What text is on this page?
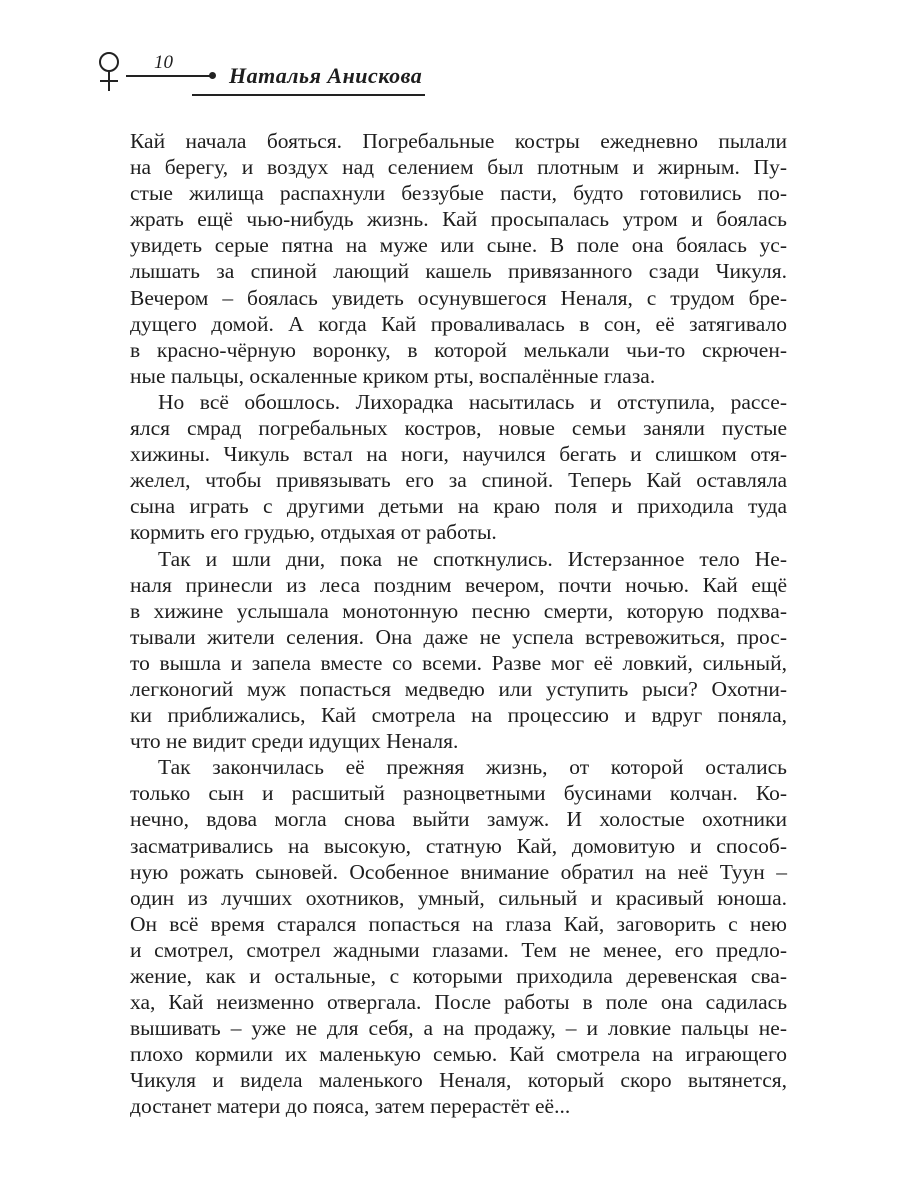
10
Наталья Анискова
Кай начала бояться. Погребальные костры ежедневно пылали
на берегу, и воздух над селением был плотным и жирным. Пу-
стые жилища распахнули беззубые пасти, будто готовились по-
жрать ещё чью-нибудь жизнь. Кай просыпалась утром и боялась
увидеть серые пятна на муже или сыне. В поле она боялась ус-
лышать за спиной лающий кашель привязанного сзади Чикуля.
Вечером – боялась увидеть осунувшегося Неналя, с трудом бре-
дущего домой. А когда Кай проваливалась в сон, её затягивало
в красно-чёрную воронку, в которой мелькали чьи-то скрючен-
ные пальцы, оскаленные криком рты, воспалённые глаза.
Но всё обошлось. Лихорадка насытилась и отступила, рассе-
ялся смрад погребальных костров, новые семьи заняли пустые
хижины. Чикуль встал на ноги, научился бегать и слишком отя-
желел, чтобы привязывать его за спиной. Теперь Кай оставляла
сына играть с другими детьми на краю поля и приходила туда
кормить его грудью, отдыхая от работы.
Так и шли дни, пока не споткнулись. Истерзанное тело Не-
наля принесли из леса поздним вечером, почти ночью. Кай ещё
в хижине услышала монотонную песню смерти, которую подхва-
тывали жители селения. Она даже не успела встревожиться, прос-
то вышла и запела вместе со всеми. Разве мог её ловкий, сильный,
легконогий муж попасться медведю или уступить рыси? Охотни-
ки приближались, Кай смотрела на процессию и вдруг поняла,
что не видит среди идущих Неналя.
Так закончилась её прежняя жизнь, от которой остались
только сын и расшитый разноцветными бусинами колчан. Ко-
нечно, вдова могла снова выйти замуж. И холостые охотники
засматривались на высокую, статную Кай, домовитую и способ-
ную рожать сыновей. Особенное внимание обратил на неё Туун –
один из лучших охотников, умный, сильный и красивый юноша.
Он всё время старался попасться на глаза Кай, заговорить с нею
и смотрел, смотрел жадными глазами. Тем не менее, его предло-
жение, как и остальные, с которыми приходила деревенская сва-
ха, Кай неизменно отвергала. После работы в поле она садилась
вышивать – уже не для себя, а на продажу, – и ловкие пальцы не-
плохо кормили их маленькую семью. Кай смотрела на играющего
Чикуля и видела маленького Неналя, который скоро вытянется,
достанет матери до пояса, затем перерастёт её...
